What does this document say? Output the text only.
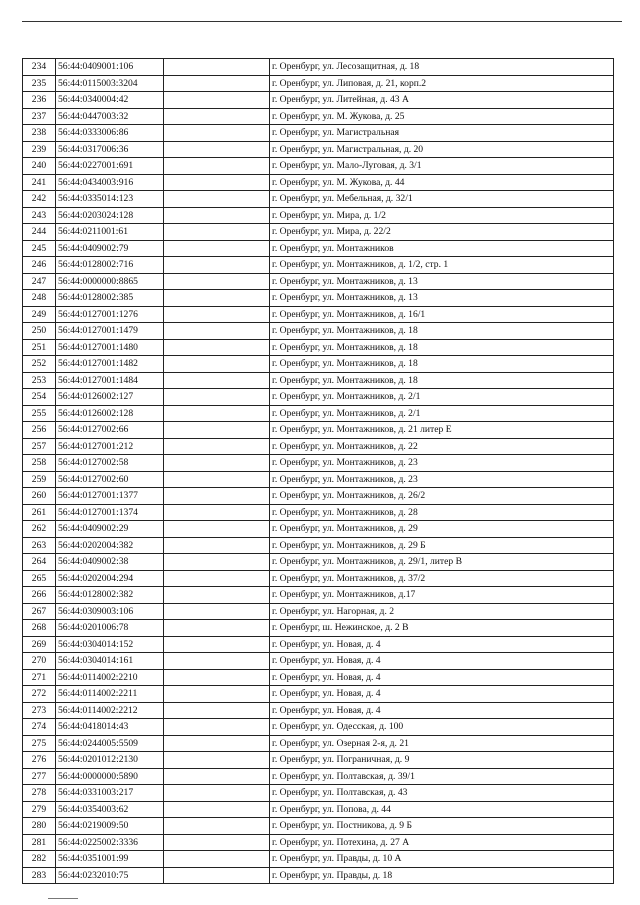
234	56:44:0409001:106		г. Оренбург, ул. Лесозащитная, д. 18
235	56:44:0115003:3204		г. Оренбург, ул. Липовая, д. 21, корп.2
236	56:44:0340004:42		г. Оренбург, ул. Литейная, д. 43 А
237	56:44:0447003:32		г. Оренбург, ул. М. Жукова, д. 25
238	56:44:0333006:86		г. Оренбург, ул. Магистральная
239	56:44:0317006:36		г. Оренбург, ул. Магистральная, д. 20
240	56:44:0227001:691		г. Оренбург, ул. Мало-Луговая, д. 3/1
241	56:44:0434003:916		г. Оренбург, ул. М. Жукова, д. 44
242	56:44:0335014:123		г. Оренбург, ул. Мебельная, д. 32/1
243	56:44:0203024:128		г. Оренбург, ул. Мира, д. 1/2
244	56:44:0211001:61		г. Оренбург, ул. Мира, д. 22/2
245	56:44:0409002:79		г. Оренбург, ул. Монтажников
246	56:44:0128002:716		г. Оренбург, ул. Монтажников, д. 1/2, стр. 1
247	56:44:0000000:8865		г. Оренбург, ул. Монтажников, д. 13
248	56:44:0128002:385		г. Оренбург, ул. Монтажников, д. 13
249	56:44:0127001:1276		г. Оренбург, ул. Монтажников, д. 16/1
250	56:44:0127001:1479		г. Оренбург, ул. Монтажников, д. 18
251	56:44:0127001:1480		г. Оренбург, ул. Монтажников, д. 18
252	56:44:0127001:1482		г. Оренбург, ул. Монтажников, д. 18
253	56:44:0127001:1484		г. Оренбург, ул. Монтажников, д. 18
254	56:44:0126002:127		г. Оренбург, ул. Монтажников, д. 2/1
255	56:44:0126002:128		г. Оренбург, ул. Монтажников, д. 2/1
256	56:44:0127002:66		г. Оренбург, ул. Монтажников, д. 21 литер Е
257	56:44:0127001:212		г. Оренбург, ул. Монтажников, д. 22
258	56:44:0127002:58		г. Оренбург, ул. Монтажников, д. 23
259	56:44:0127002:60		г. Оренбург, ул. Монтажников, д. 23
260	56:44:0127001:1377		г. Оренбург, ул. Монтажников, д. 26/2
261	56:44:0127001:1374		г. Оренбург, ул. Монтажников, д. 28
262	56:44:0409002:29		г. Оренбург, ул. Монтажников, д. 29
263	56:44:0202004:382		г. Оренбург, ул. Монтажников, д. 29 Б
264	56:44:0409002:38		г. Оренбург, ул. Монтажников, д. 29/1, литер В
265	56:44:0202004:294		г. Оренбург, ул. Монтажников, д. 37/2
266	56:44:0128002:382		г. Оренбург, ул. Монтажников, д.17
267	56:44:0309003:106		г. Оренбург, ул. Нагорная, д. 2
268	56:44:0201006:78		г. Оренбург, ш. Нежинское, д. 2 В
269	56:44:0304014:152		г. Оренбург, ул. Новая, д. 4
270	56:44:0304014:161		г. Оренбург, ул. Новая, д. 4
271	56:44:0114002:2210		г. Оренбург, ул. Новая, д. 4
272	56:44:0114002:2211		г. Оренбург, ул. Новая, д. 4
273	56:44:0114002:2212		г. Оренбург, ул. Новая, д. 4
274	56:44:0418014:43		г. Оренбург, ул. Одесская, д. 100
275	56:44:0244005:5509		г. Оренбург, ул. Озерная 2-я, д. 21
276	56:44:0201012:2130		г. Оренбург, ул. Пограничная, д. 9
277	56:44:0000000:5890		г. Оренбург, ул. Полтавская, д. 39/1
278	56:44:0331003:217		г. Оренбург, ул. Полтавская, д. 43
279	56:44:0354003:62		г. Оренбург, ул. Попова, д. 44
280	56:44:0219009:50		г. Оренбург, ул. Постникова, д. 9 Б
281	56:44:0225002:3336		г. Оренбург, ул. Потехина, д. 27 А
282	56:44:0351001:99		г. Оренбург, ул. Правды, д. 10 А
283	56:44:0232010:75		г. Оренбург, ул. Правды, д. 18
